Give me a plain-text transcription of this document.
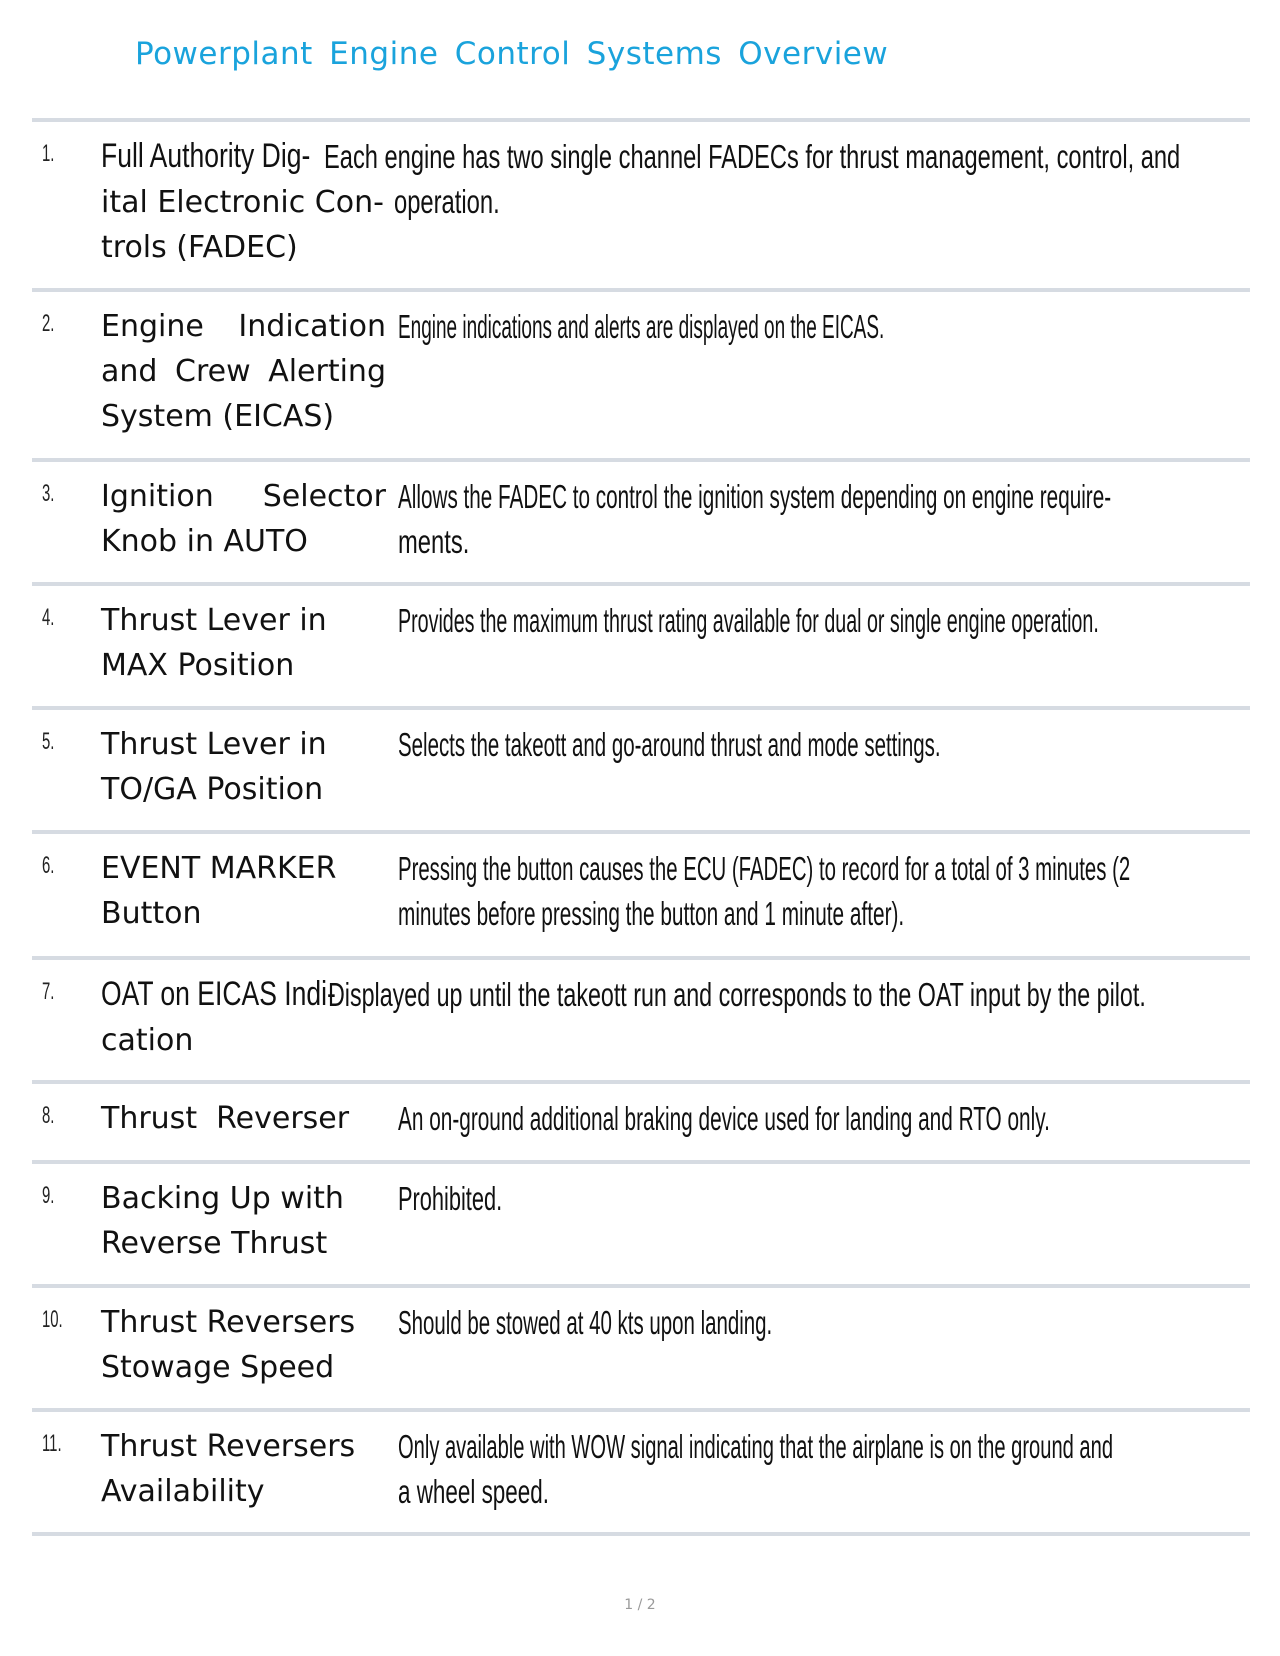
Powerplant Engine Control Systems Overview
1. Full Authority Dig-
ital Electronic Con- trols (FADEC)
Each engine has two single channel FADECs for thrust management, control, and
operation.
2. Engine Indication and Crew Alerting System (EICAS)
Engine indications and alerts are displayed on the EICAS.
3. Ignition Selector Knob in AUTO
Allows the FADEC to control the ignition system depending on engine require-
ments.
4. Thrust Lever in MAX Position
Provides the maximum thrust rating available for dual or single engine operation.
5. Thrust Lever in TO/GA Position
Selects the takeott and go-around thrust and mode settings.
6. EVENT MARKER Button
Pressing the button causes the ECU (FADEC) to record for a total of 3 minutes (2
minutes before pressing the button and 1 minute after).
7. OAT on EICAS Indi-
cation
Displayed up until the takeott run and corresponds to the OAT input by the pilot.
8. Thrust  Reverser	An on-ground additional braking device used for landing and RTO only.
9. Backing Up with Reverse Thrust
Prohibited.
10. Thrust Reversers Stowage Speed
Should be stowed at 40 kts upon landing.
11. Thrust Reversers Availability
Only available with WOW signal indicating that the airplane is on the ground and
a wheel speed.
1 / 2
